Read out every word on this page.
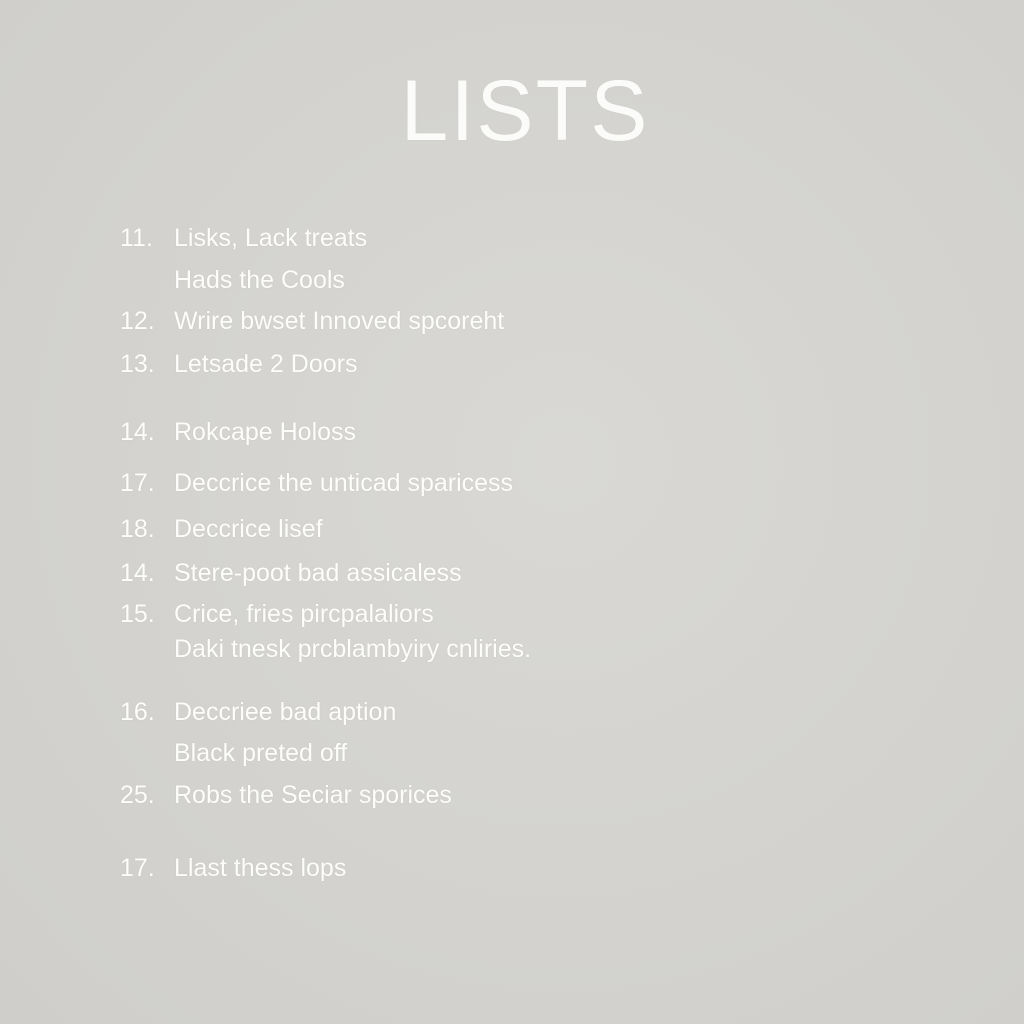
LISTS
11. Lisks, Lack treats
Hads the Cools
12. Wrire bwset Innoved spcoreht
13. Letsade 2 Doors
14. Rokcape Holoss
17. Deccrice the unticad sparicess
18. Deccrice lisef
14. Stere-poot bad assicaless
15. Crice, fries pircpalaliors
Daki tnesk prcblambyiry cnliries.
16. Deccriee bad aption
Black preted off
25. Robs the Seciar sporices
17. Llast thess lops
